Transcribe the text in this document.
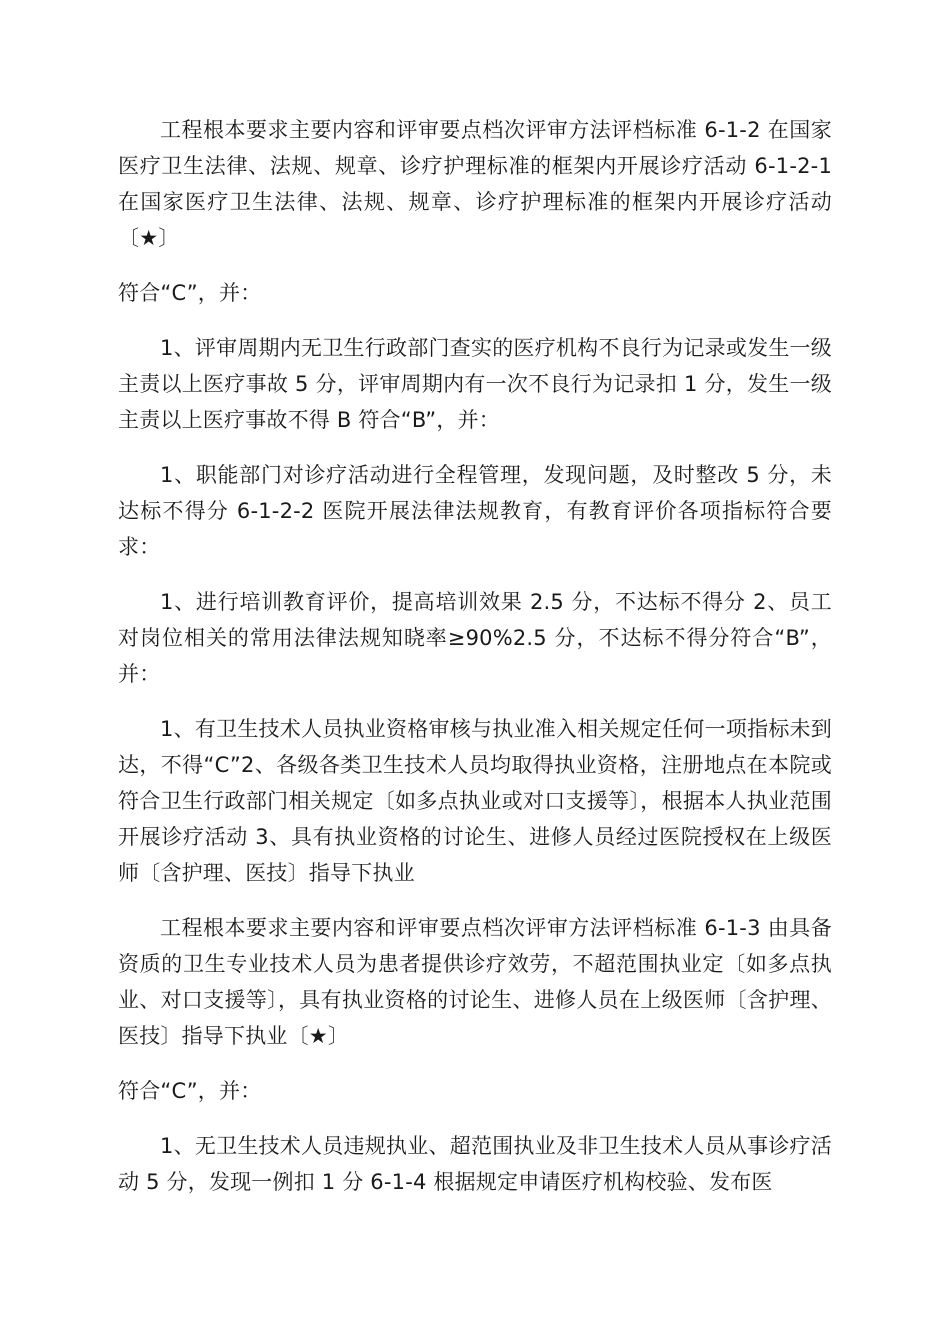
工程根本要求主要内容和评审要点档次评审方法评档标准 6-1-2 在国家医疗卫生法律、法规、规章、诊疗护理标准的框架内开展诊疗活动 6-1-2-1 在国家医疗卫生法律、法规、规章、诊疗护理标准的框架内开展诊疗活动〔★〕

符合“C”，并：

1、评审周期内无卫生行政部门查实的医疗机构不良行为记录或发生一级主责以上医疗事故 5 分，评审周期内有一次不良行为记录扣 1 分，发生一级主责以上医疗事故不得 B 符合“B”，并：

1、职能部门对诊疗活动进行全程管理，发现问题，及时整改 5 分，未达标不得分 6-1-2-2 医院开展法律法规教育，有教育评价各项指标符合要求：

1、进行培训教育评价，提高培训效果 2.5 分，不达标不得分 2、员工对岗位相关的常用法律法规知晓率≥90%2.5 分，不达标不得分符合“B”，并：

1、有卫生技术人员执业资格审核与执业准入相关规定任何一项指标未到达，不得“C”2、各级各类卫生技术人员均取得执业资格，注册地点在本院或符合卫生行政部门相关规定〔如多点执业或对口支援等〕，根据本人执业范围开展诊疗活动 3、具有执业资格的讨论生、进修人员经过医院授权在上级医师〔含护理、医技〕指导下执业

工程根本要求主要内容和评审要点档次评审方法评档标准 6-1-3 由具备资质的卫生专业技术人员为患者提供诊疗效劳，不超范围执业定〔如多点执业、对口支援等〕，具有执业资格的讨论生、进修人员在上级医师〔含护理、医技〕指导下执业〔★〕

符合“C”，并：

1、无卫生技术人员违规执业、超范围执业及非卫生技术人员从事诊疗活动 5 分，发现一例扣 1 分 6-1-4 根据规定申请医疗机构校验、发布医
